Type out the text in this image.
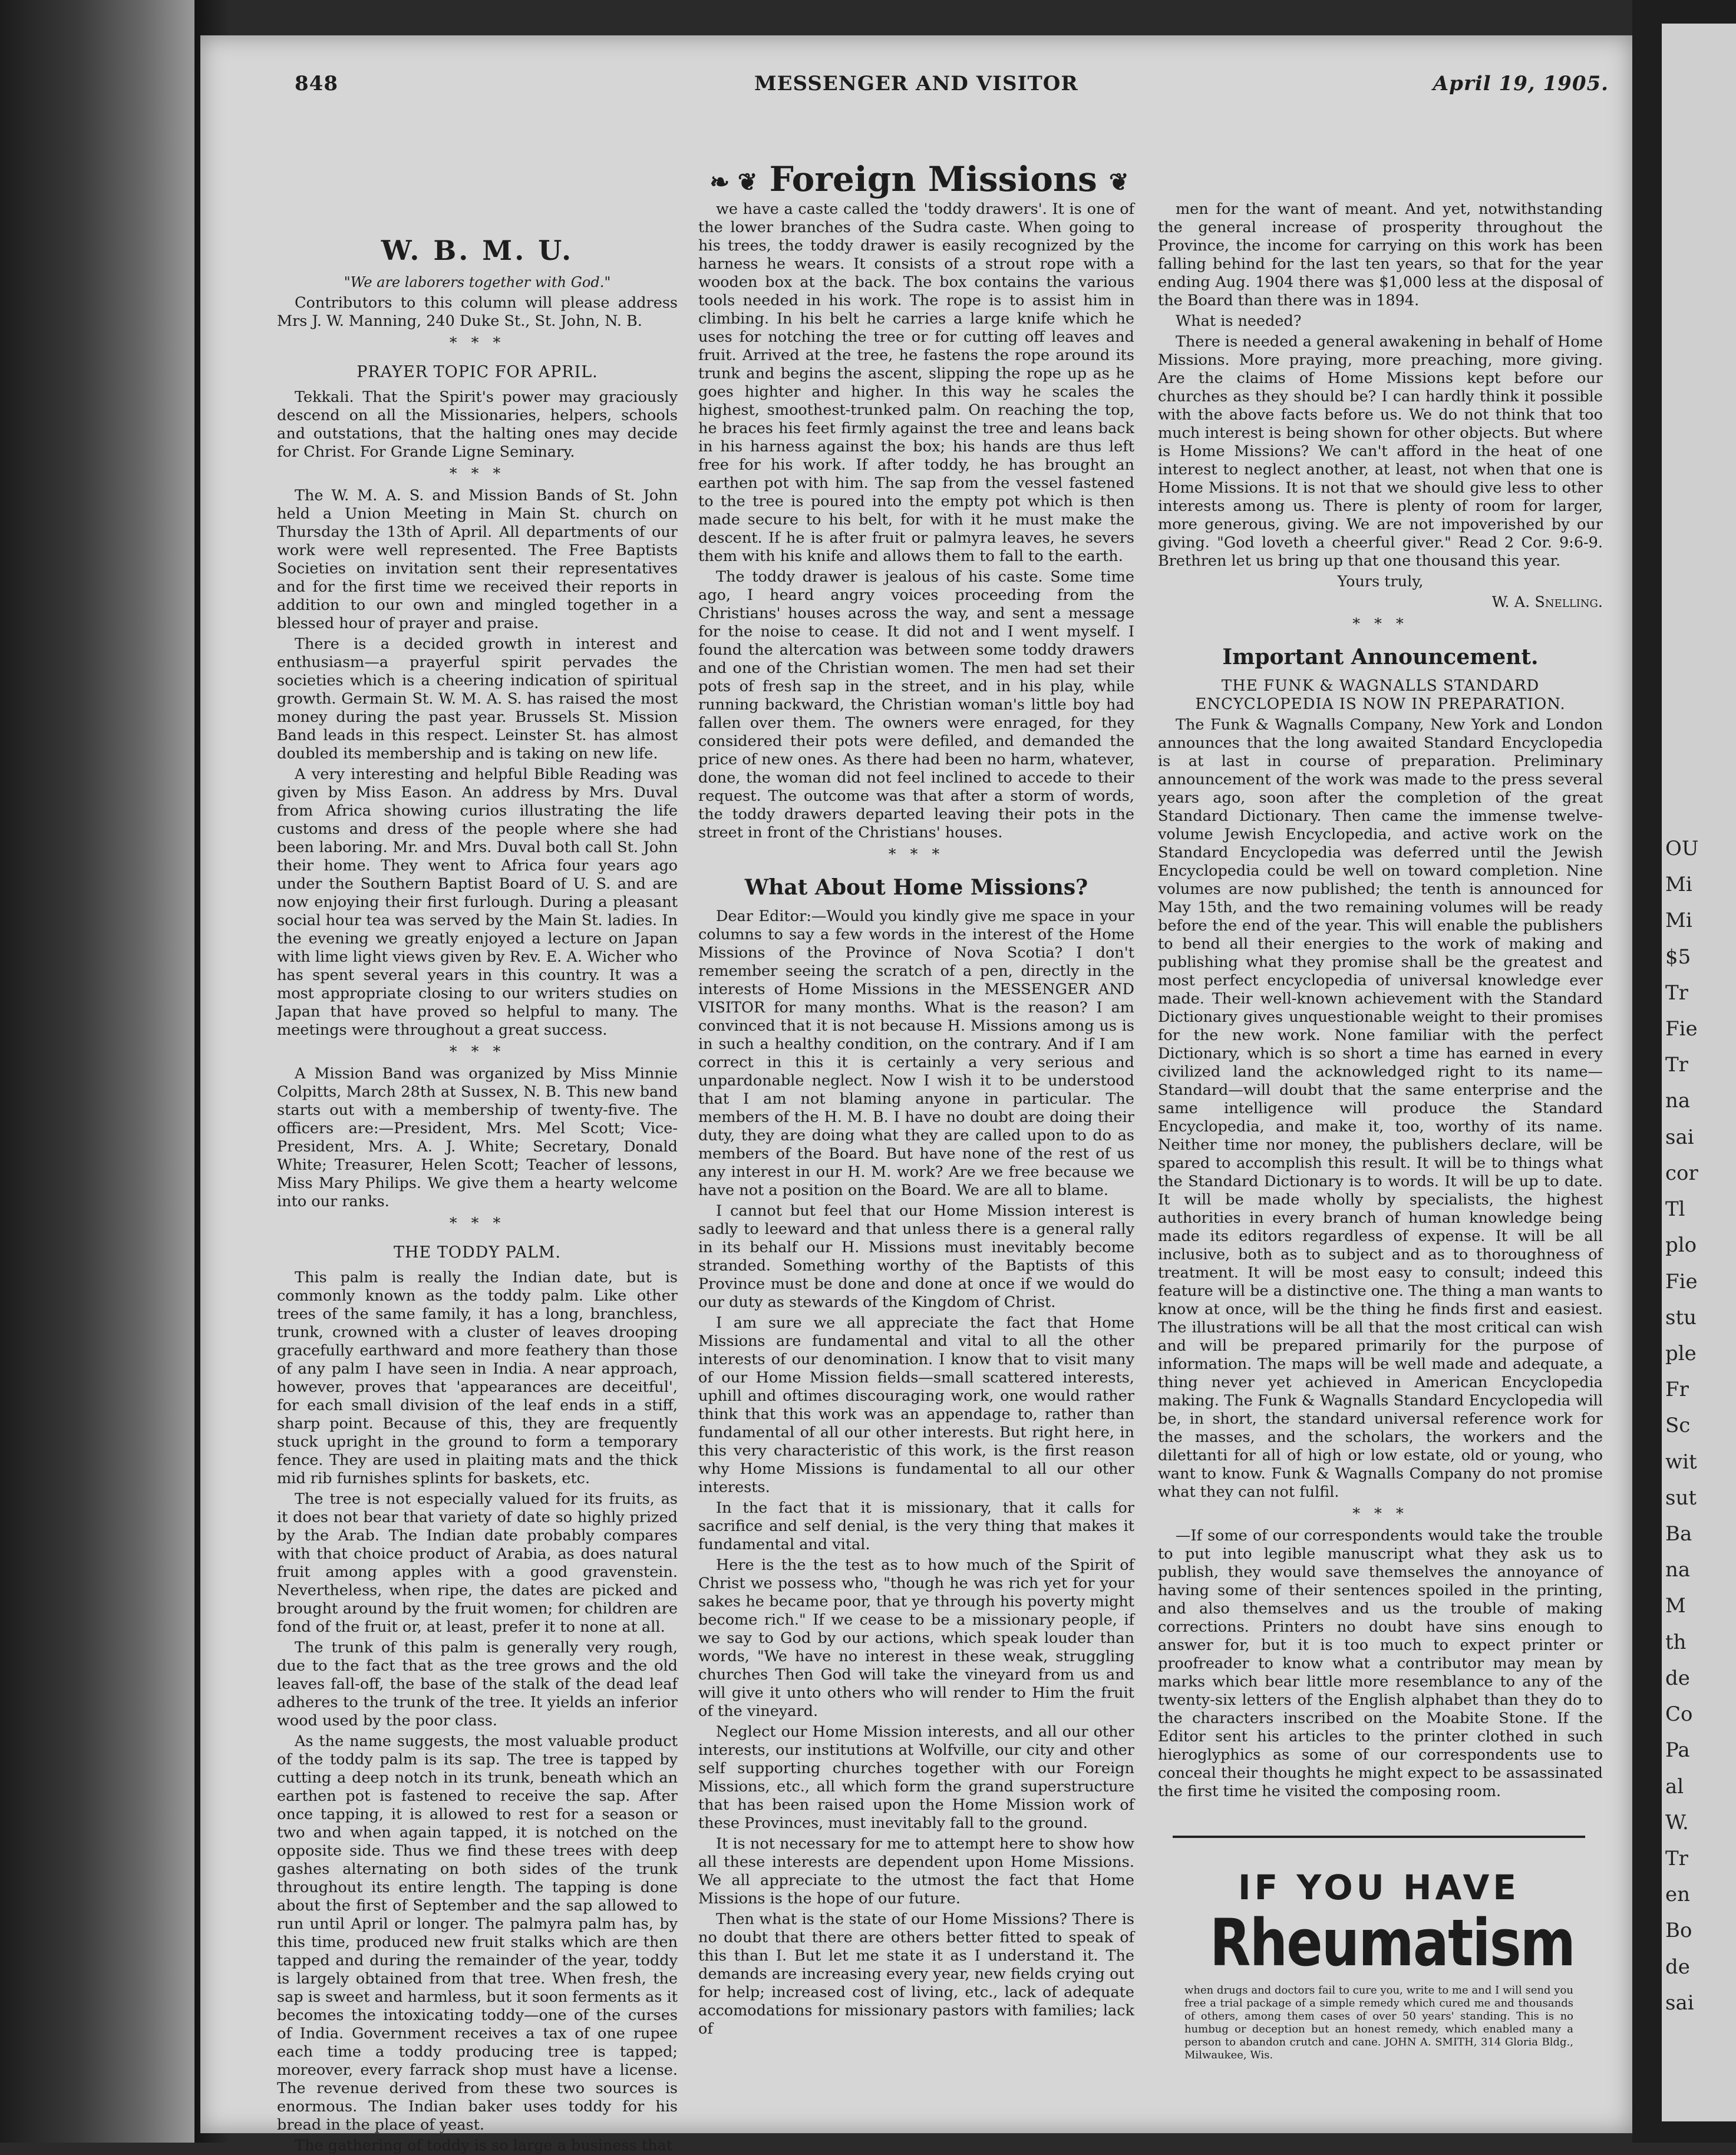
OU
Mi
Mi
$5
Tr
Fie
Tr
na
sai
cor
Tl
plo
Fie
stu
ple
Fr
Sc
wit
sut
Ba
na
M
th
de
Co
Pa
al
W.
Tr
en
Bo
de
sai
848	MESSENGER AND VISITOR	April 19, 1905.
❧ ❦ Foreign Missions ❦

W. B. M. U.

"We are laborers together with God."

Contributors to this column will please address Mrs J. W. Manning, 240 Duke St., St. John, N. B.

* * *

PRAYER TOPIC FOR APRIL.

Tekkali. That the Spirit's power may graciously descend on all the Missionaries, helpers, schools and outstations, that the halting ones may decide for Christ. For Grande Ligne Seminary.

* * *

The W. M. A. S. and Mission Bands of St. John held a Union Meeting in Main St. church on Thursday the 13th of April. All departments of our work were well represented. The Free Baptists Societies on invitation sent their representatives and for the first time we received their reports in addition to our own and mingled together in a blessed hour of prayer and praise.

There is a decided growth in interest and enthusiasm—a prayerful spirit pervades the societies which is a cheering indication of spiritual growth. Germain St. W. M. A. S. has raised the most money during the past year. Brussels St. Mission Band leads in this respect. Leinster St. has almost doubled its membership and is taking on new life.

A very interesting and helpful Bible Reading was given by Miss Eason. An address by Mrs. Duval from Africa showing curios illustrating the life customs and dress of the people where she had been laboring. Mr. and Mrs. Duval both call St. John their home. They went to Africa four years ago under the Southern Baptist Board of U. S. and are now enjoying their first furlough. During a pleasant social hour tea was served by the Main St. ladies. In the evening we greatly enjoyed a lecture on Japan with lime light views given by Rev. E. A. Wicher who has spent several years in this country. It was a most appropriate closing to our writers studies on Japan that have proved so helpful to many. The meetings were throughout a great success.

* * *

A Mission Band was organized by Miss Minnie Colpitts, March 28th at Sussex, N. B. This new band starts out with a membership of twenty-five. The officers are:—President, Mrs. Mel Scott; Vice-President, Mrs. A. J. White; Secretary, Donald White; Treasurer, Helen Scott; Teacher of lessons, Miss Mary Philips. We give them a hearty welcome into our ranks.

* * *

THE TODDY PALM.

This palm is really the Indian date, but is commonly known as the toddy palm. Like other trees of the same family, it has a long, branchless, trunk, crowned with a cluster of leaves drooping gracefully earthward and more feathery than those of any palm I have seen in India. A near approach, however, proves that 'appearances are deceitful', for each small division of the leaf ends in a stiff, sharp point. Because of this, they are frequently stuck upright in the ground to form a temporary fence. They are used in plaiting mats and the thick mid rib furnishes splints for baskets, etc.

The tree is not especially valued for its fruits, as it does not bear that variety of date so highly prized by the Arab. The Indian date probably compares with that choice product of Arabia, as does natural fruit among apples with a good gravenstein. Nevertheless, when ripe, the dates are picked and brought around by the fruit women; for children are fond of the fruit or, at least, prefer it to none at all.

The trunk of this palm is generally very rough, due to the fact that as the tree grows and the old leaves fall-off, the base of the stalk of the dead leaf adheres to the trunk of the tree. It yields an inferior wood used by the poor class.

As the name suggests, the most valuable product of the toddy palm is its sap. The tree is tapped by cutting a deep notch in its trunk, beneath which an earthen pot is fastened to receive the sap. After once tapping, it is allowed to rest for a season or two and when again tapped, it is notched on the opposite side. Thus we find these trees with deep gashes alternating on both sides of the trunk throughout its entire length. The tapping is done about the first of September and the sap allowed to run until April or longer. The palmyra palm has, by this time, produced new fruit stalks which are then tapped and during the remainder of the year, toddy is largely obtained from that tree. When fresh, the sap is sweet and harmless, but it soon ferments as it becomes the intoxicating toddy—one of the curses of India. Government receives a tax of one rupee each time a toddy producing tree is tapped; moreover, every farrack shop must have a license. The revenue derived from these two sources is enormous. The Indian baker uses toddy for his bread in the place of yeast.

The gathering of toddy is so large a business that

we have a caste called the 'toddy drawers'. It is one of the lower branches of the Sudra caste. When going to his trees, the toddy drawer is easily recognized by the harness he wears. It consists of a strout rope with a wooden box at the back. The box contains the various tools needed in his work. The rope is to assist him in climbing. In his belt he carries a large knife which he uses for notching the tree or for cutting off leaves and fruit. Arrived at the tree, he fastens the rope around its trunk and begins the ascent, slipping the rope up as he goes highter and higher. In this way he scales the highest, smoothest-trunked palm. On reaching the top, he braces his feet firmly against the tree and leans back in his harness against the box; his hands are thus left free for his work. If after toddy, he has brought an earthen pot with him. The sap from the vessel fastened to the tree is poured into the empty pot which is then made secure to his belt, for with it he must make the descent. If he is after fruit or palmyra leaves, he severs them with his knife and allows them to fall to the earth.

The toddy drawer is jealous of his caste. Some time ago, I heard angry voices proceeding from the Christians' houses across the way, and sent a message for the noise to cease. It did not and I went myself. I found the altercation was between some toddy drawers and one of the Christian women. The men had set their pots of fresh sap in the street, and in his play, while running backward, the Christian woman's little boy had fallen over them. The owners were enraged, for they considered their pots were defiled, and demanded the price of new ones. As there had been no harm, whatever, done, the woman did not feel inclined to accede to their request. The outcome was that after a storm of words, the toddy drawers departed leaving their pots in the street in front of the Christians' houses.

* * *

What About Home Missions?

Dear Editor:—Would you kindly give me space in your columns to say a few words in the interest of the Home Missions of the Province of Nova Scotia? I don't remember seeing the scratch of a pen, directly in the interests of Home Missions in the MESSENGER AND VISITOR for many months. What is the reason? I am convinced that it is not because H. Missions among us is in such a healthy condition, on the contrary. And if I am correct in this it is certainly a very serious and unpardonable neglect. Now I wish it to be understood that I am not blaming anyone in particular. The members of the H. M. B. I have no doubt are doing their duty, they are doing what they are called upon to do as members of the Board. But have none of the rest of us any interest in our H. M. work? Are we free because we have not a position on the Board. We are all to blame.

I cannot but feel that our Home Mission interest is sadly to leeward and that unless there is a general rally in its behalf our H. Missions must inevitably become stranded. Something worthy of the Baptists of this Province must be done and done at once if we would do our duty as stewards of the Kingdom of Christ.

I am sure we all appreciate the fact that Home Missions are fundamental and vital to all the other interests of our denomination. I know that to visit many of our Home Mission fields—small scattered interests, uphill and oftimes discouraging work, one would rather think that this work was an appendage to, rather than fundamental of all our other interests. But right here, in this very characteristic of this work, is the first reason why Home Missions is fundamental to all our other interests.

In the fact that it is missionary, that it calls for sacrifice and self denial, is the very thing that makes it fundamental and vital.

Here is the the test as to how much of the Spirit of Christ we possess who, "though he was rich yet for your sakes he became poor, that ye through his poverty might become rich." If we cease to be a missionary people, if we say to God by our actions, which speak louder than words, "We have no interest in these weak, struggling churches Then God will take the vineyard from us and will give it unto others who will render to Him the fruit of the vineyard.

Neglect our Home Mission interests, and all our other interests, our institutions at Wolfville, our city and other self supporting churches together with our Foreign Missions, etc., all which form the grand superstructure that has been raised upon the Home Mission work of these Provinces, must inevitably fall to the ground.

It is not necessary for me to attempt here to show how all these interests are dependent upon Home Missions. We all appreciate to the utmost the fact that Home Missions is the hope of our future.

Then what is the state of our Home Missions? There is no doubt that there are others better fitted to speak of this than I. But let me state it as I understand it. The demands are increasing every year, new fields crying out for help; increased cost of living, etc., lack of adequate accomodations for missionary pastors with families; lack of

men for the want of meant. And yet, notwithstanding the general increase of prosperity throughout the Province, the income for carrying on this work has been falling behind for the last ten years, so that for the year ending Aug. 1904 there was $1,000 less at the disposal of the Board than there was in 1894.

What is needed?

There is needed a general awakening in behalf of Home Missions. More praying, more preaching, more giving. Are the claims of Home Missions kept before our churches as they should be? I can hardly think it possible with the above facts before us. We do not think that too much interest is being shown for other objects. But where is Home Missions? We can't afford in the heat of one interest to neglect another, at least, not when that one is Home Missions. It is not that we should give less to other interests among us. There is plenty of room for larger, more generous, giving. We are not impoverished by our giving. "God loveth a cheerful giver." Read 2 Cor. 9:6-9. Brethren let us bring up that one thousand this year.

Yours truly,

W. A. Snelling.

* * *

Important Announcement.

THE FUNK & WAGNALLS STANDARD ENCYCLOPEDIA IS NOW IN PREPARATION.

The Funk & Wagnalls Company, New York and London announces that the long awaited Standard Encyclopedia is at last in course of preparation. Preliminary announcement of the work was made to the press several years ago, soon after the completion of the great Standard Dictionary. Then came the immense twelve-volume Jewish Encyclopedia, and active work on the Standard Encyclopedia was deferred until the Jewish Encyclopedia could be well on toward completion. Nine volumes are now published; the tenth is announced for May 15th, and the two remaining volumes will be ready before the end of the year. This will enable the publishers to bend all their energies to the work of making and publishing what they promise shall be the greatest and most perfect encyclopedia of universal knowledge ever made. Their well-known achievement with the Standard Dictionary gives unquestionable weight to their promises for the new work. None familiar with the perfect Dictionary, which is so short a time has earned in every civilized land the acknowledged right to its name—Standard—will doubt that the same enterprise and the same intelligence will produce the Standard Encyclopedia, and make it, too, worthy of its name. Neither time nor money, the publishers declare, will be spared to accomplish this result. It will be to things what the Standard Dictionary is to words. It will be up to date. It will be made wholly by specialists, the highest authorities in every branch of human knowledge being made its editors regardless of expense. It will be all inclusive, both as to subject and as to thoroughness of treatment. It will be most easy to consult; indeed this feature will be a distinctive one. The thing a man wants to know at once, will be the thing he finds first and easiest. The illustrations will be all that the most critical can wish and will be prepared primarily for the purpose of information. The maps will be well made and adequate, a thing never yet achieved in American Encyclopedia making. The Funk & Wagnalls Standard Encyclopedia will be, in short, the standard universal reference work for the masses, and the scholars, the workers and the dilettanti for all of high or low estate, old or young, who want to know. Funk & Wagnalls Company do not promise what they can not fulfil.

* * *

—If some of our correspondents would take the trouble to put into legible manuscript what they ask us to publish, they would save themselves the annoyance of having some of their sentences spoiled in the printing, and also themselves and us the trouble of making corrections. Printers no doubt have sins enough to answer for, but it is too much to expect printer or proofreader to know what a contributor may mean by marks which bear little more resemblance to any of the twenty-six letters of the English alphabet than they do to the characters inscribed on the Moabite Stone. If the Editor sent his articles to the printer clothed in such hieroglyphics as some of our correspondents use to conceal their thoughts he might expect to be assassinated the first time he visited the composing room.

IF YOU HAVE
Rheumatism
when drugs and doctors fail to cure you, write to me and I will send you free a trial package of a simple remedy which cured me and thousands of others, among them cases of over 50 years' standing. This is no humbug or deception but an honest remedy, which enabled many a person to abandon crutch and cane. JOHN A. SMITH, 314 Gloria Bldg., Milwaukee, Wis.
